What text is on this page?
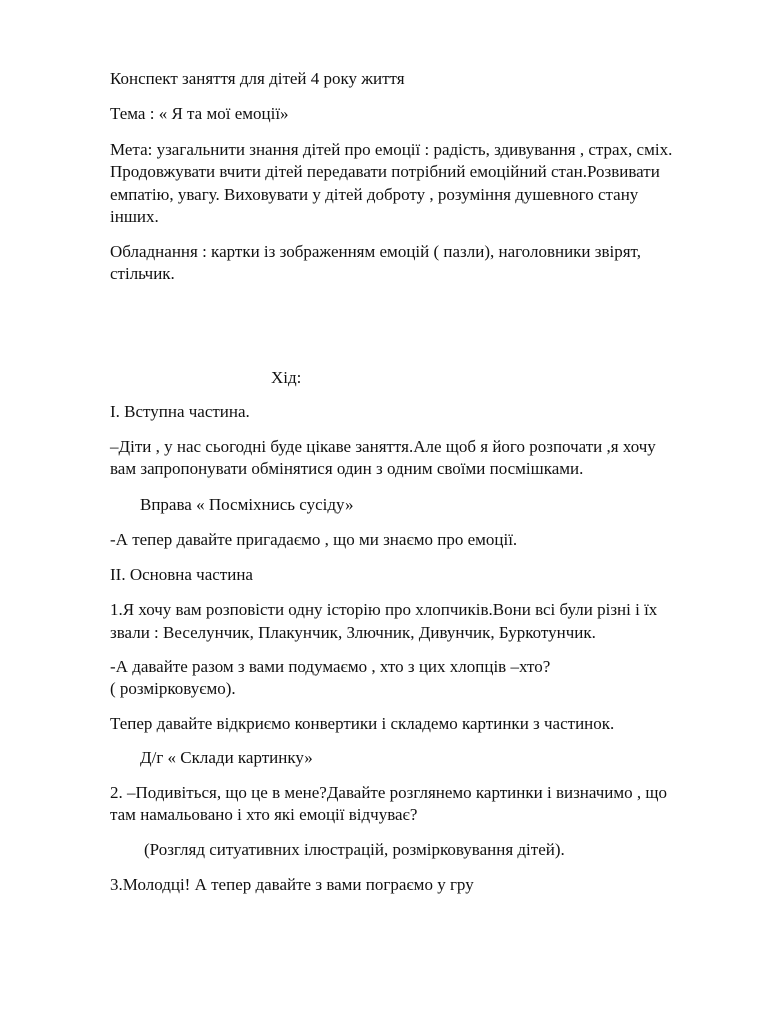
Конспект заняття для дітей 4 року життя
Тема : « Я та мої емоції»
Мета: узагальнити знання дітей про емоції : радість, здивування , страх, сміх.
Продовжувати вчити дітей передавати потрібний емоційний стан.Розвивати
емпатію, увагу. Виховувати у дітей доброту , розуміння душевного стану
інших.
Обладнання : картки із зображенням емоцій ( пазли), наголовники звірят,
стільчик.
Хід:
І. Вступна частина.
–Діти , у нас сьогодні буде цікаве заняття.Але щоб я його розпочати ,я хочу
вам запропонувати обмінятися один з одним своїми посмішками.
Вправа « Посміхнись сусіду»
-А тепер давайте пригадаємо , що ми знаємо про емоції.
ІІ. Основна частина
1.Я хочу вам розповісти одну історію про хлопчиків.Вони всі були різні і їх
звали : Веселунчик, Плакунчик, Злючник, Дивунчик, Буркотунчик.
-А давайте разом з вами подумаємо , хто з цих хлопців –хто?
( розмірковуємо).
Тепер давайте відкриємо конвертики і складемо картинки з частинок.
Д/г « Склади картинку»
2. –Подивіться, що це в мене?Давайте розглянемо картинки і визначимо , що
там намальовано і хто які емоції відчуває?
(Розгляд ситуативних ілюстрацій, розмірковування дітей).
3.Молодці! А тепер давайте з вами пограємо у гру
